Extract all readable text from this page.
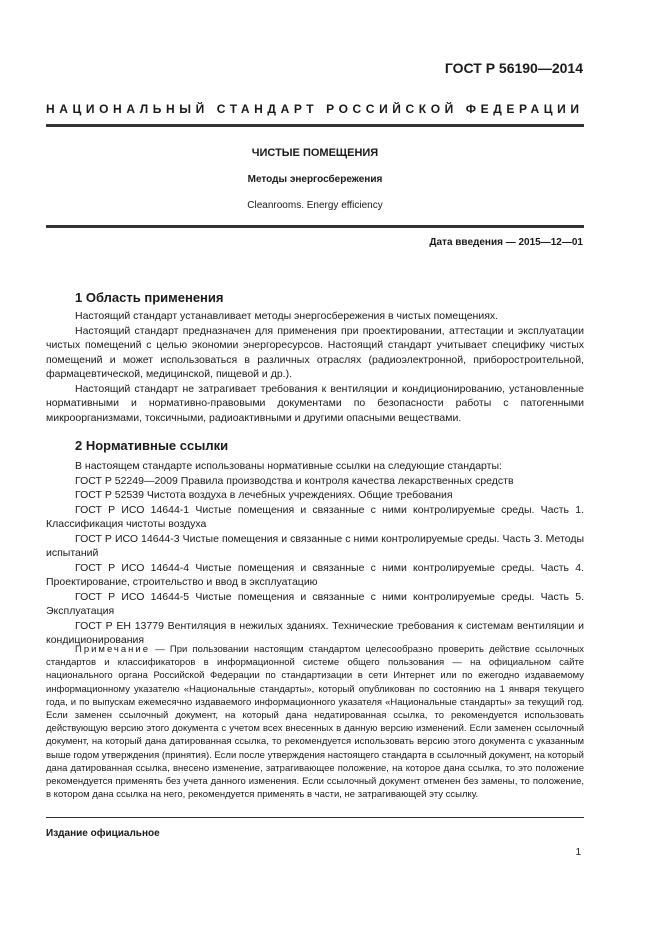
ГОСТ Р 56190—2014
НАЦИОНАЛЬНЫЙ СТАНДАРТ РОССИЙСКОЙ ФЕДЕРАЦИИ
ЧИСТЫЕ ПОМЕЩЕНИЯ
Методы энергосбережения
Cleanrooms. Energy efficiency
Дата введения — 2015—12—01
1 Область применения

Настоящий стандарт устанавливает методы энергосбережения в чистых помещениях.

Настоящий стандарт предназначен для применения при проектировании, аттестации и эксплуатации чистых помещений с целью экономии энергоресурсов. Настоящий стандарт учитывает специфику чистых помещений и может использоваться в различных отраслях (радиоэлектронной, приборостроительной, фармацевтической, медицинской, пищевой и др.).

Настоящий стандарт не затрагивает требования к вентиляции и кондиционированию, установленные нормативными и нормативно-правовыми документами по безопасности работы с патогенными микроорганизмами, токсичными, радиоактивными и другими опасными веществами.

2 Нормативные ссылки

В настоящем стандарте использованы нормативные ссылки на следующие стандарты:

ГОСТ Р 52249—2009 Правила производства и контроля качества лекарственных средств

ГОСТ Р 52539 Чистота воздуха в лечебных учреждениях. Общие требования

ГОСТ Р ИСО 14644-1 Чистые помещения и связанные с ними контролируемые среды. Часть 1. Классификация чистоты воздуха

ГОСТ Р ИСО 14644-3 Чистые помещения и связанные с ними контролируемые среды. Часть 3. Методы испытаний

ГОСТ Р ИСО 14644-4 Чистые помещения и связанные с ними контролируемые среды. Часть 4. Проектирование, строительство и ввод в эксплуатацию

ГОСТ Р ИСО 14644-5 Чистые помещения и связанные с ними контролируемые среды. Часть 5. Эксплуатация

ГОСТ Р ЕН 13779 Вентиляция в нежилых зданиях. Технические требования к системам вентиляции и кондиционирования

Примечание — При пользовании настоящим стандартом целесообразно проверить действие ссылочных стандартов и классификаторов в информационной системе общего пользования — на официальном сайте национального органа Российской Федерации по стандартизации в сети Интернет или по ежегодно издаваемому информационному указателю «Национальные стандарты», который опубликован по состоянию на 1 января текущего года, и по выпускам ежемесячно издаваемого информационного указателя «Национальные стандарты» за текущий год. Если заменен ссылочный документ, на который дана недатированная ссылка, то рекомендуется использовать действующую версию этого документа с учетом всех внесенных в данную версию изменений. Если заменен ссылочный документ, на который дана датированная ссылка, то рекомендуется использовать версию этого документа с указанным выше годом утверждения (принятия). Если после утверждения настоящего стандарта в ссылочный документ, на который дана датированная ссылка, внесено изменение, затрагивающее положение, на которое дана ссылка, то это положение рекомендуется применять без учета данного изменения. Если ссылочный документ отменен без замены, то положение, в котором дана ссылка на него, рекомендуется применять в части, не затрагивающей эту ссылку.

Издание официальное
1
